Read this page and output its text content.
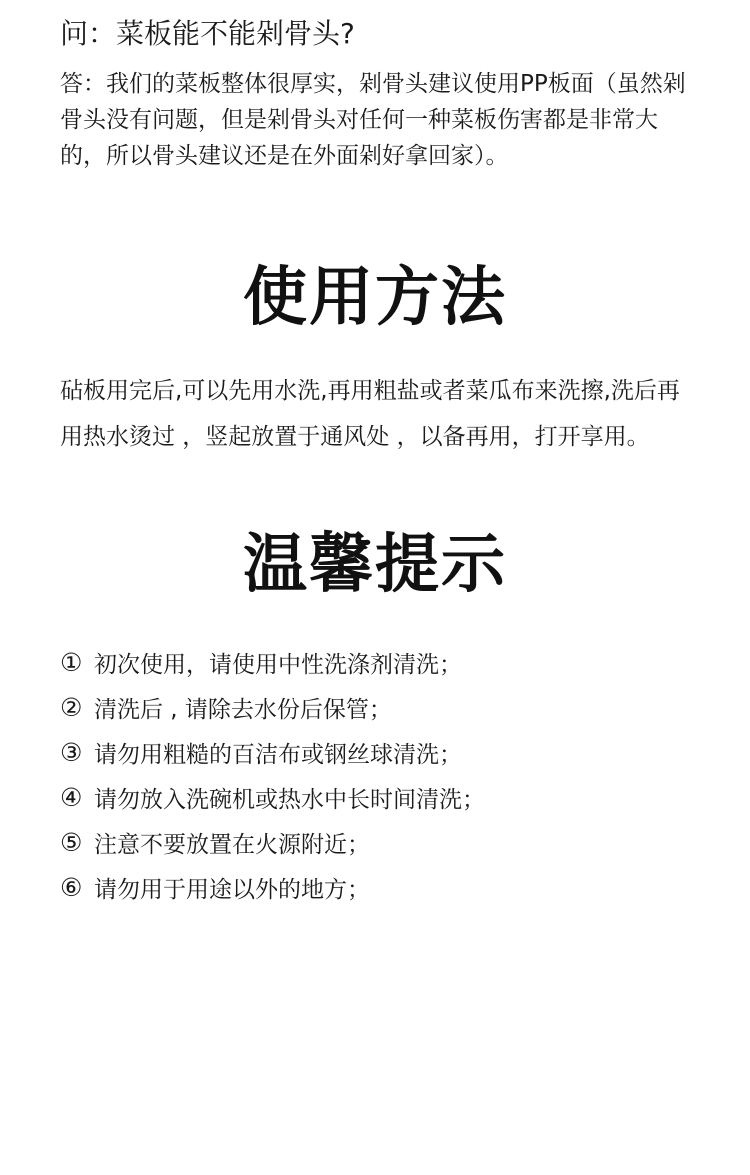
问：菜板能不能剁骨头?
答：我们的菜板整体很厚实，剁骨头建议使用PP板面（虽然剁骨头没有问题，但是剁骨头对任何一种菜板伤害都是非常大的，所以骨头建议还是在外面剁好拿回家）。
使用方法
砧板用完后,可以先用水洗,再用粗盐或者菜瓜布来洗擦,洗后再用热水烫过 ，竖起放置于通风处 ，以备再用，打开享用。
温馨提示
① 初次使用，请使用中性洗涤剂清洗；
② 清洗后 , 请除去水份后保管；
③ 请勿用粗糙的百洁布或钢丝球清洗；
④ 请勿放入洗碗机或热水中长时间清洗；
⑤ 注意不要放置在火源附近；
⑥ 请勿用于用途以外的地方；
